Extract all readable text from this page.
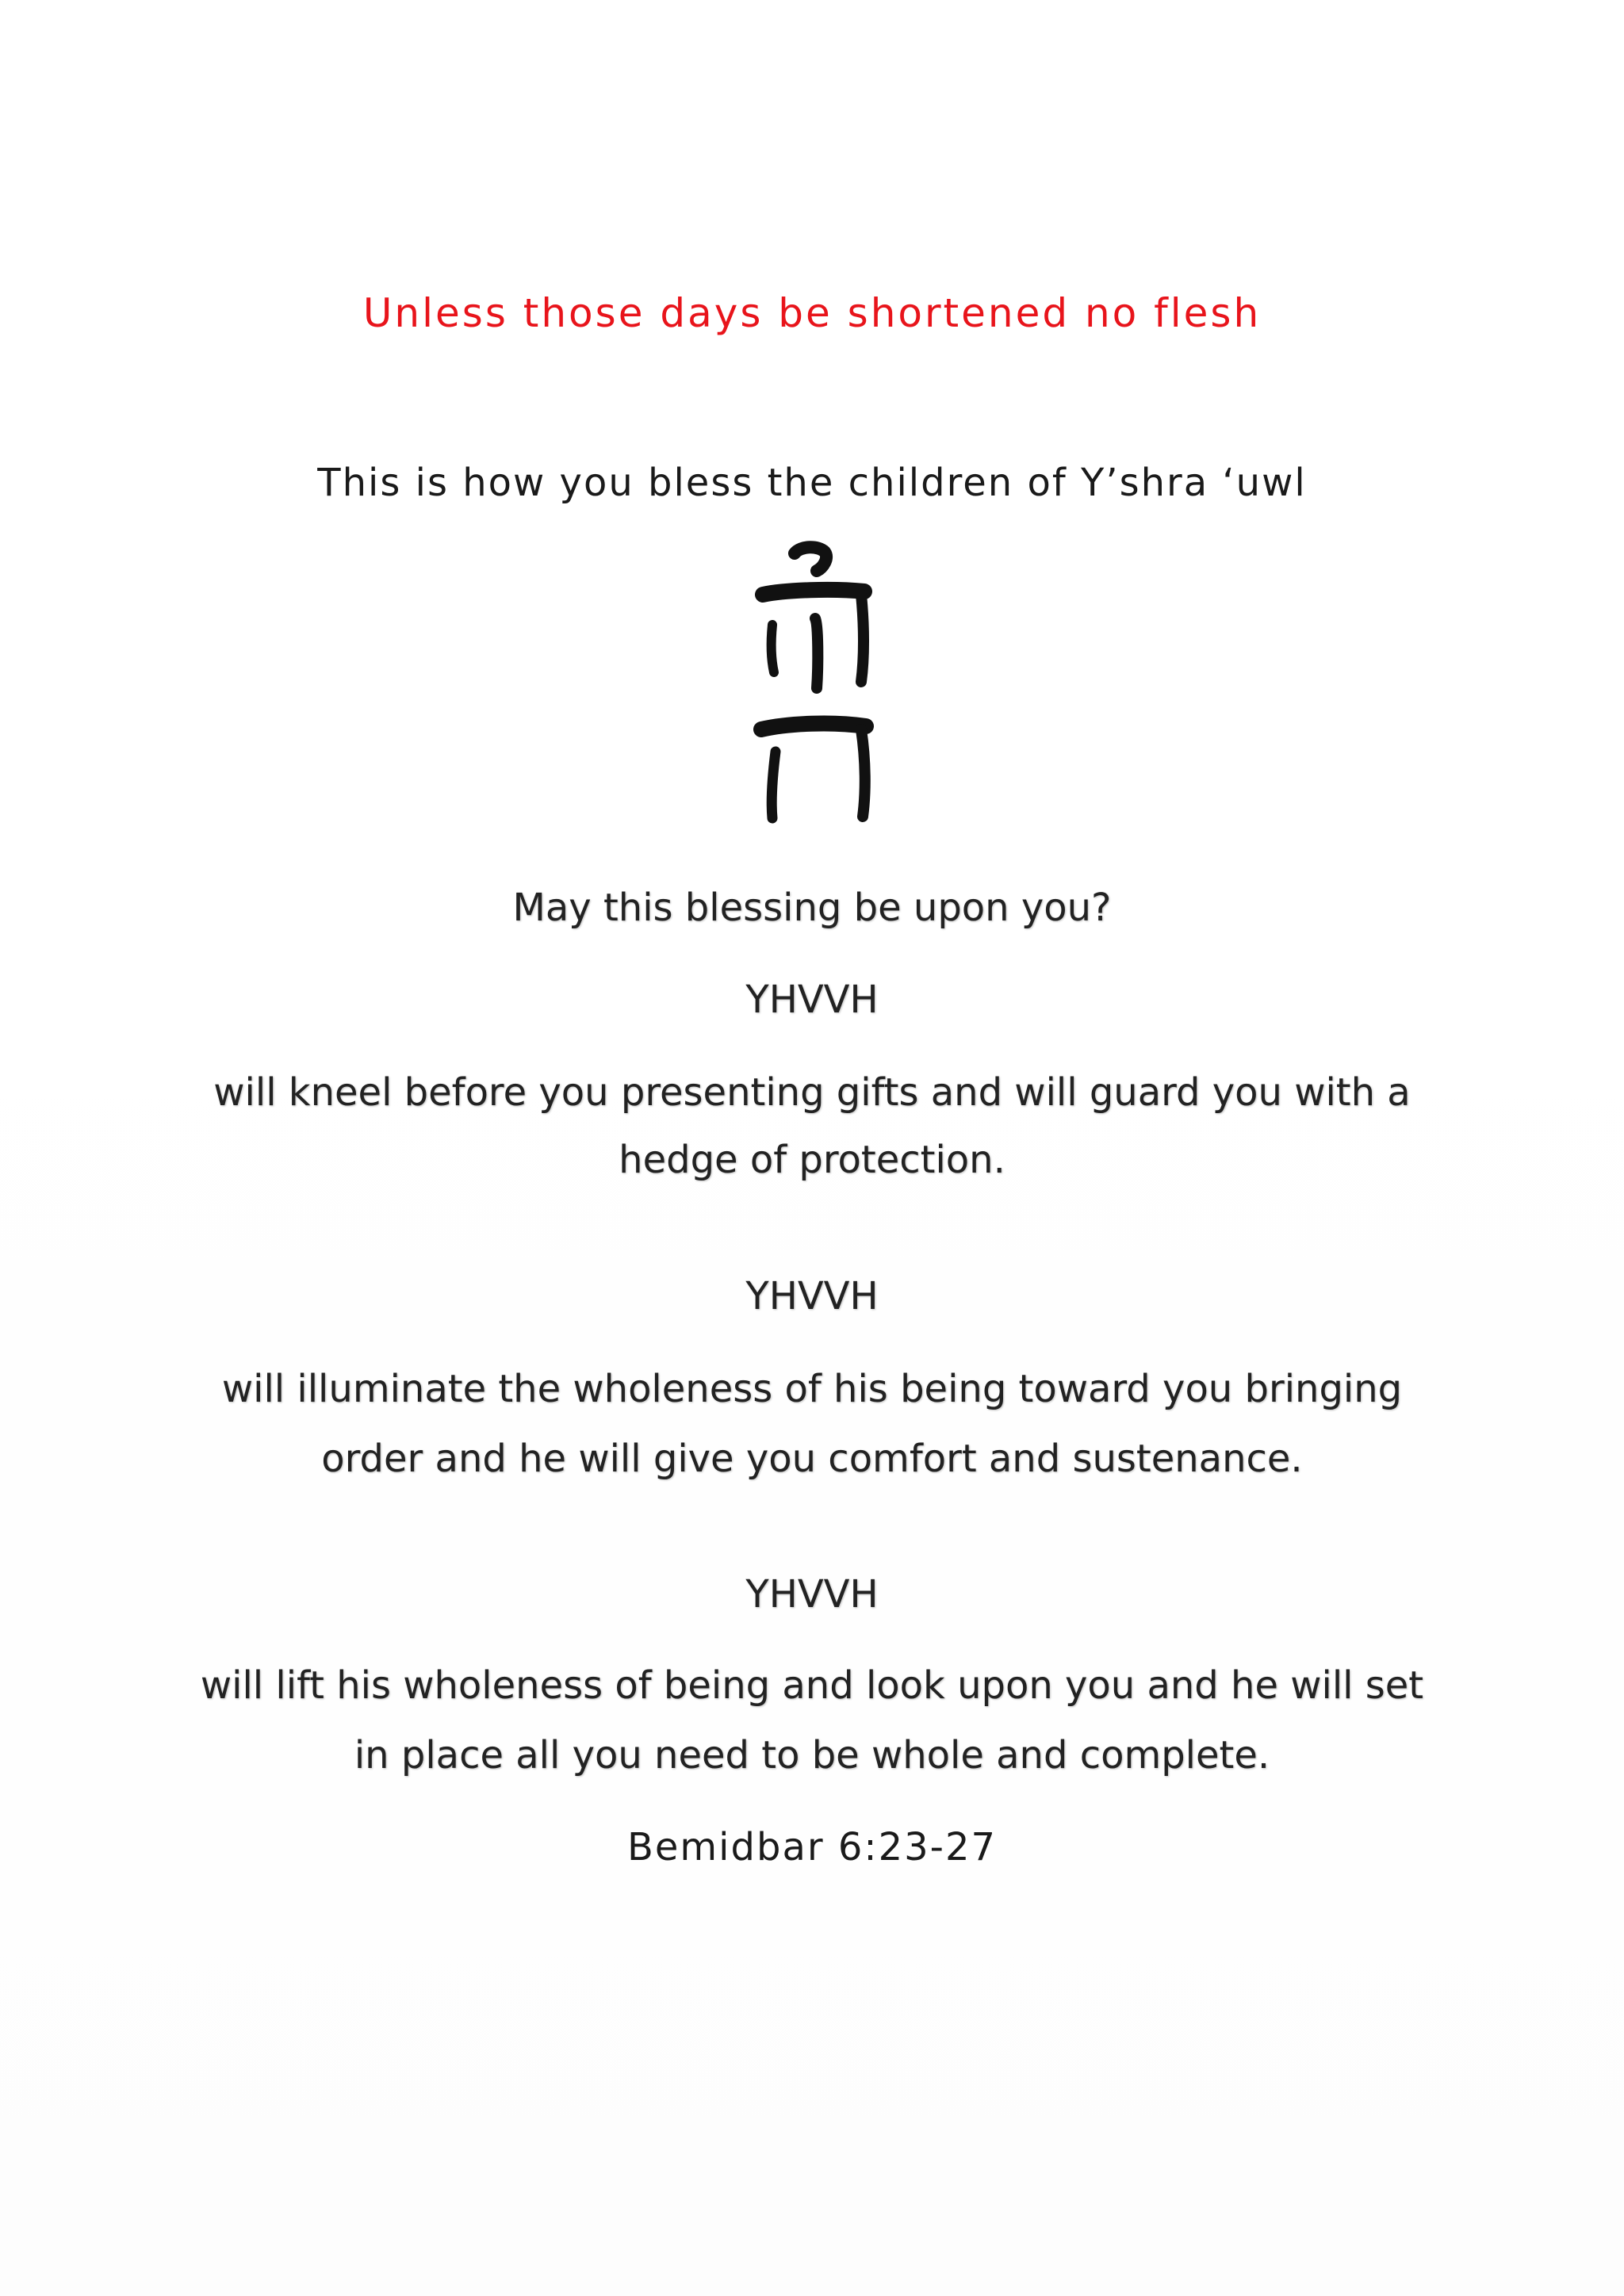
Unless those days be shortened no flesh
This is how you bless the children of Y’shra ‘uwl
May this blessing be upon you?
YHVVH
will kneel before you presenting gifts and will guard you with a
hedge of protection.
YHVVH
will illuminate the wholeness of his being toward you bringing
order and he will give you comfort and sustenance.
YHVVH
will lift his wholeness of being and look upon you and he will set
in place all you need to be whole and complete.
Bemidbar 6:23-27
